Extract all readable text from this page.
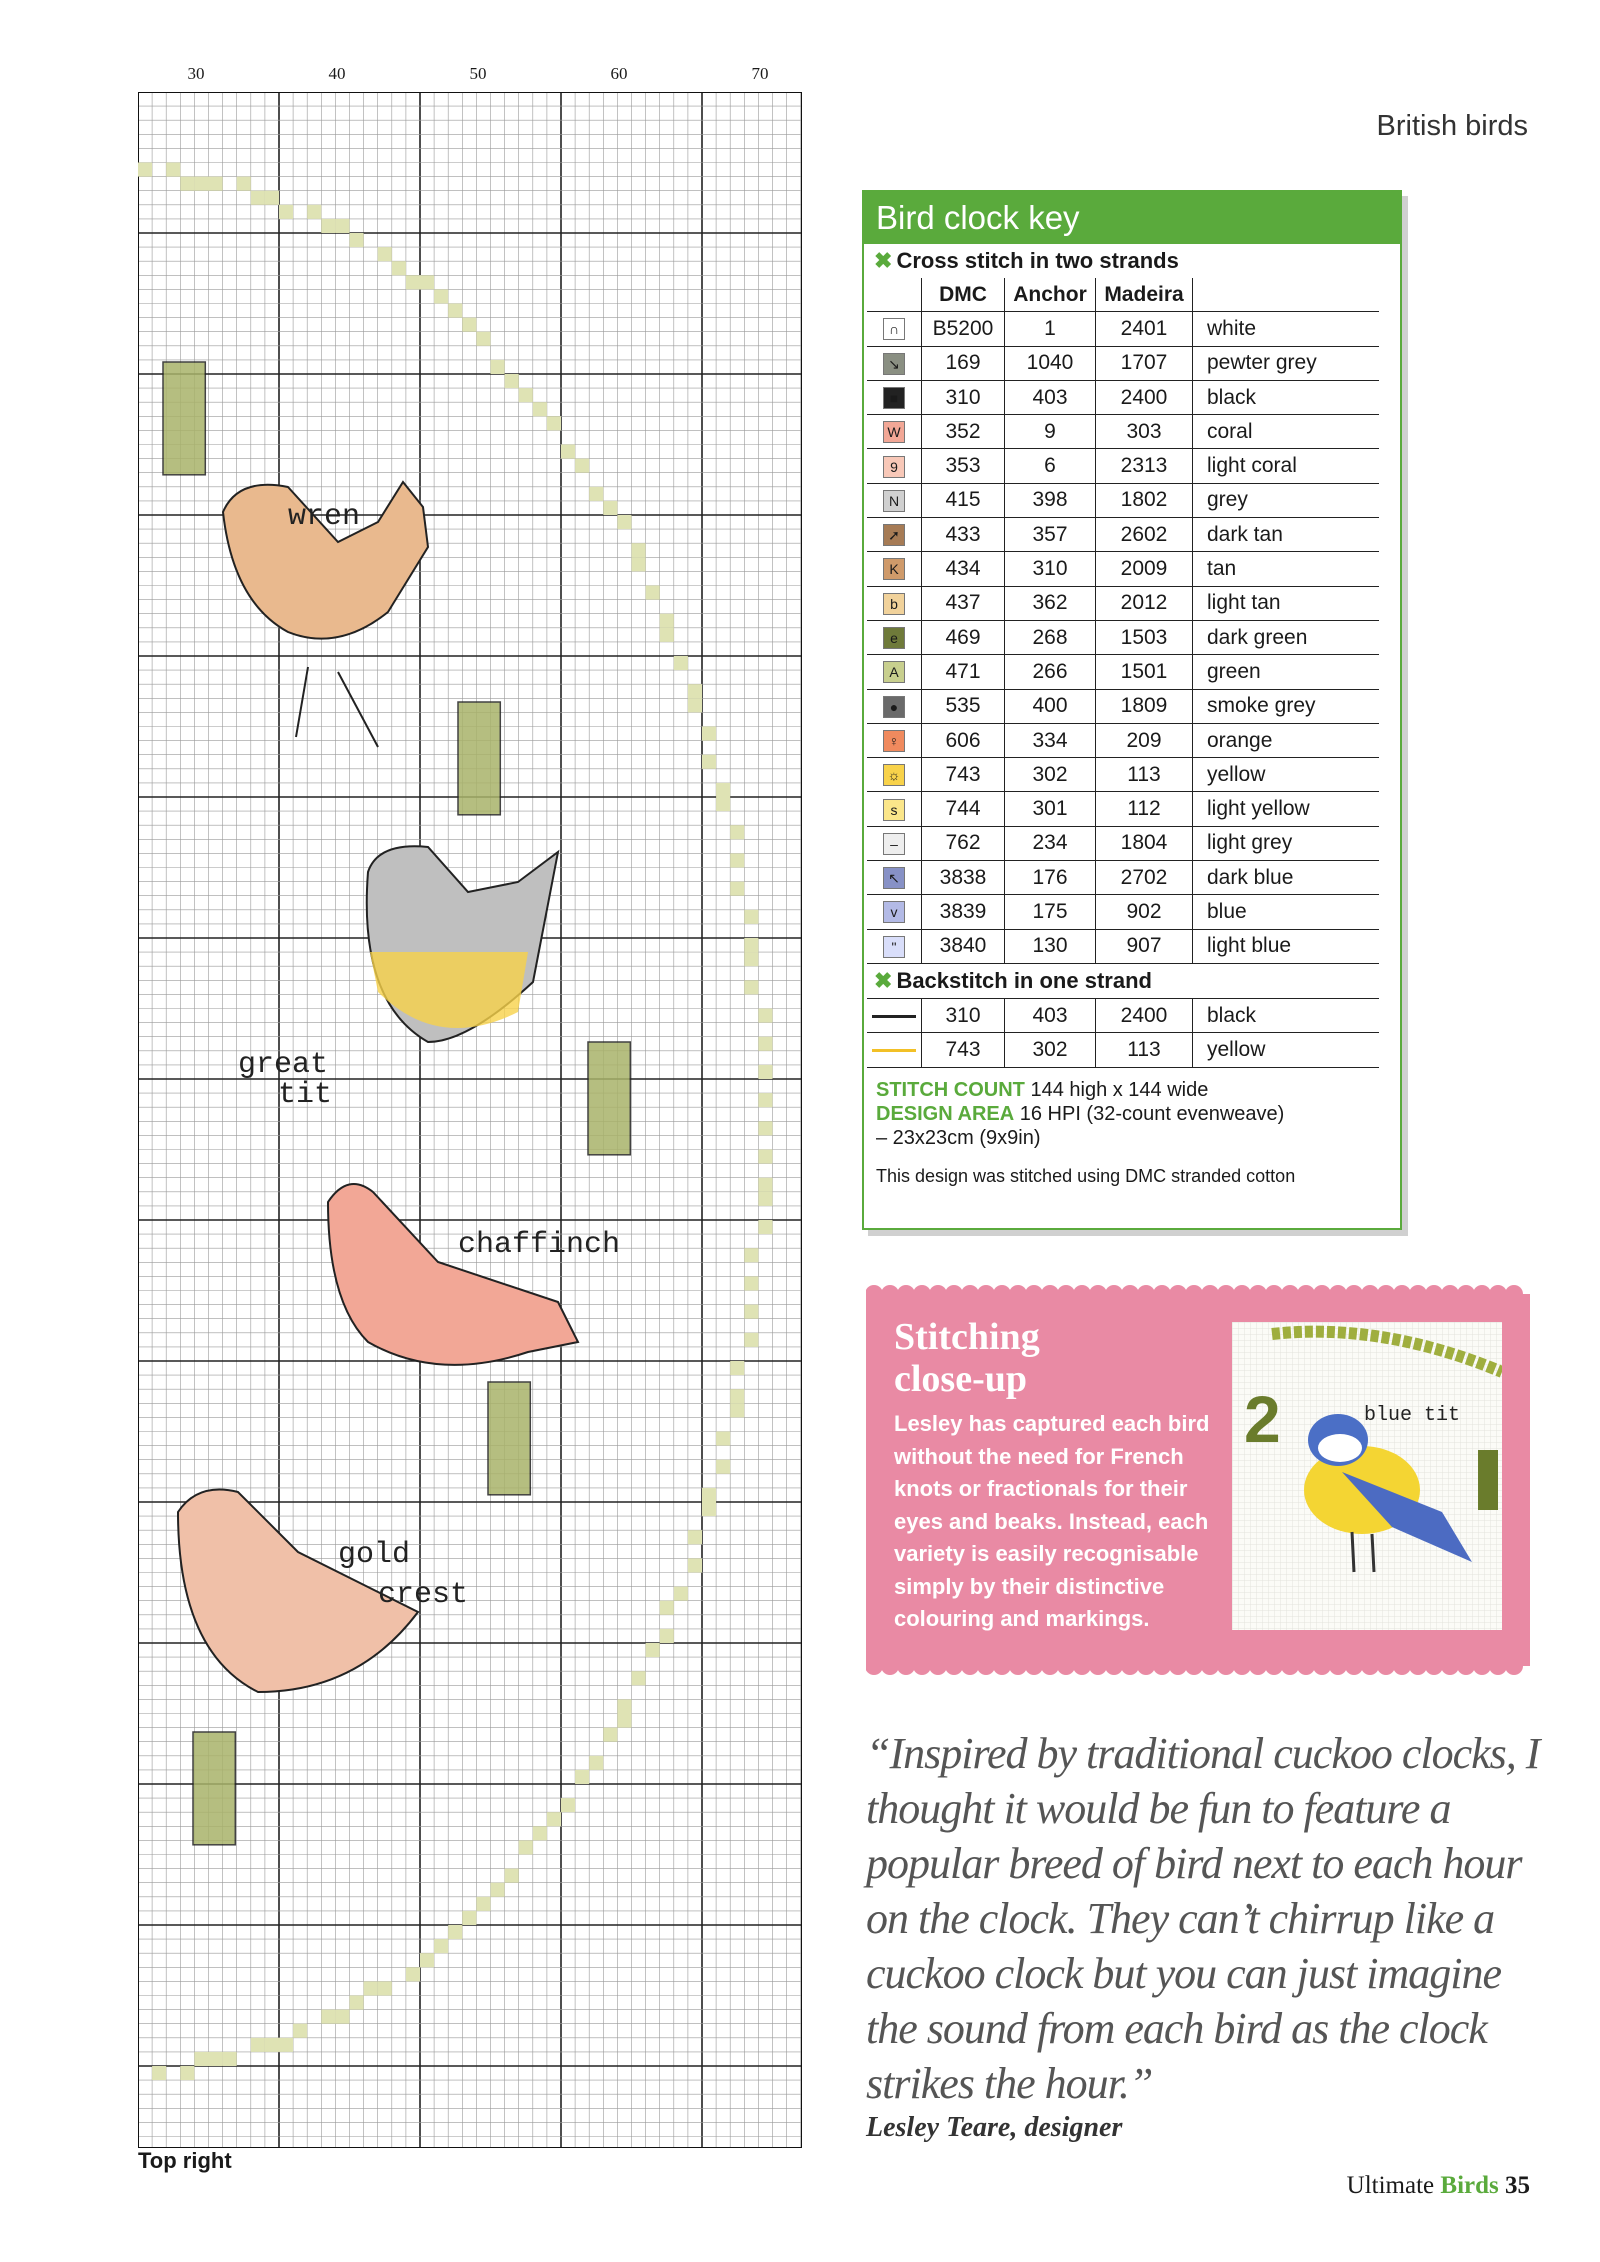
British birds
30	40	50	60	70
wren
great
tit
chaffinch
gold
crest
Top right
Bird clock key
✖ Cross stitch in two strands
	DMC	Anchor	Madeira	
∩	B5200	1	2401	white
↘	169	1040	1707	pewter grey
■	310	403	2400	black
W	352	9	303	coral
9	353	6	2313	light coral
N	415	398	1802	grey
➚	433	357	2602	dark tan
K	434	310	2009	tan
b	437	362	2012	light tan
e	469	268	1503	dark green
A	471	266	1501	green
●	535	400	1809	smoke grey
♀	606	334	209	orange
☼	743	302	113	yellow
s	744	301	112	light yellow
–	762	234	1804	light grey
↖	3838	176	2702	dark blue
v	3839	175	902	blue
"	3840	130	907	light blue
✖ Backstitch in one strand
	310	403	2400	black
	743	302	113	yellow
STITCH COUNT 144 high x 144 wide
DESIGN AREA 16 HPI (32-count evenweave)
– 23x23cm (9x9in)
This design was stitched using DMC stranded cotton
Stitching
close-up
Lesley has captured each bird without the need for French knots or fractionals for their eyes and beaks. Instead, each variety is easily recognisable simply by their distinctive colouring and markings.
2	blue tit
“Inspired by traditional cuckoo clocks, I thought it would be fun to feature a popular breed of bird next to each hour on the clock. They can’t chirrup like a cuckoo clock but you can just imagine the sound from each bird as the clock strikes the hour.”
Lesley Teare, designer
Ultimate Birds 35
